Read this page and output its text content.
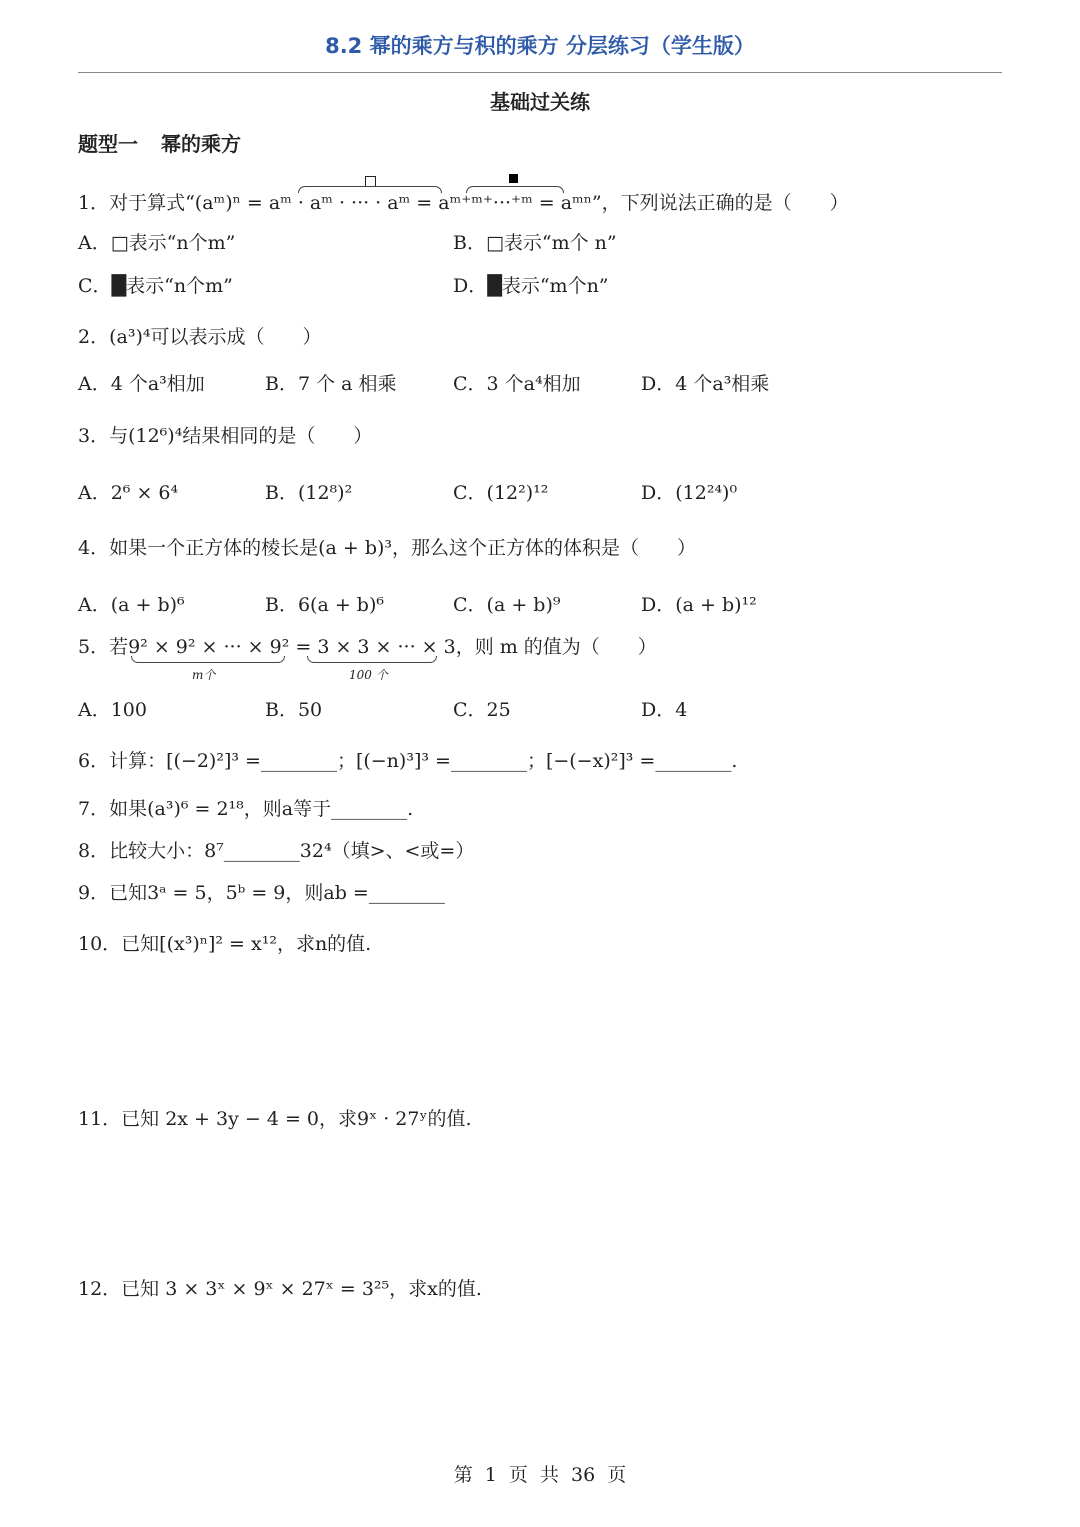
8.2 幂的乘方与积的乘方 分层练习（学生版）
基础过关练
题型一 幂的乘方
1．对于算式“(aᵐ)ⁿ = aᵐ · aᵐ · ··· · aᵐ = aᵐ⁺ᵐ⁺···⁺ᵐ = aᵐⁿ”，下列说法正确的是（　　）
A．□表示“n个m”	B．□表示“m个 n”
C．█表示“n个m”	D．█表示“m个n”
2．(a³)⁴可以表示成（　　）
A．4 个a³相加	B．7 个 a 相乘	C．3 个a⁴相加	D．4 个a³相乘
3．与(12⁶)⁴结果相同的是（　　）
A．2⁶ × 6⁴	B．(12⁸)²	C．(12²)¹²	D．(12²⁴)⁰
4．如果一个正方体的棱长是(a + b)³，那么这个正方体的体积是（　　）
A．(a + b)⁶	B．6(a + b)⁶	C．(a + b)⁹	D．(a + b)¹²
5．若9² × 9² × ··· × 9² = 3 × 3 × ··· × 3，则 m 的值为（　　）
m个	100 个
A．100	B．50	C．25	D．4
6．计算：[(−2)²]³ =________；[(−n)³]³ =________；[−(−x)²]³ =________.
7．如果(a³)⁶ = 2¹⁸，则a等于________.
8．比较大小：8⁷________32⁴（填>、<或=）
9．已知3ᵃ = 5，5ᵇ = 9，则ab =________
10．已知[(x³)ⁿ]² = x¹²，求n的值.
11．已知 2x + 3y − 4 = 0，求9ˣ · 27ʸ的值.
12．已知 3 × 3ˣ × 9ˣ × 27ˣ = 3²⁵，求x的值.
第 1 页 共 36 页
